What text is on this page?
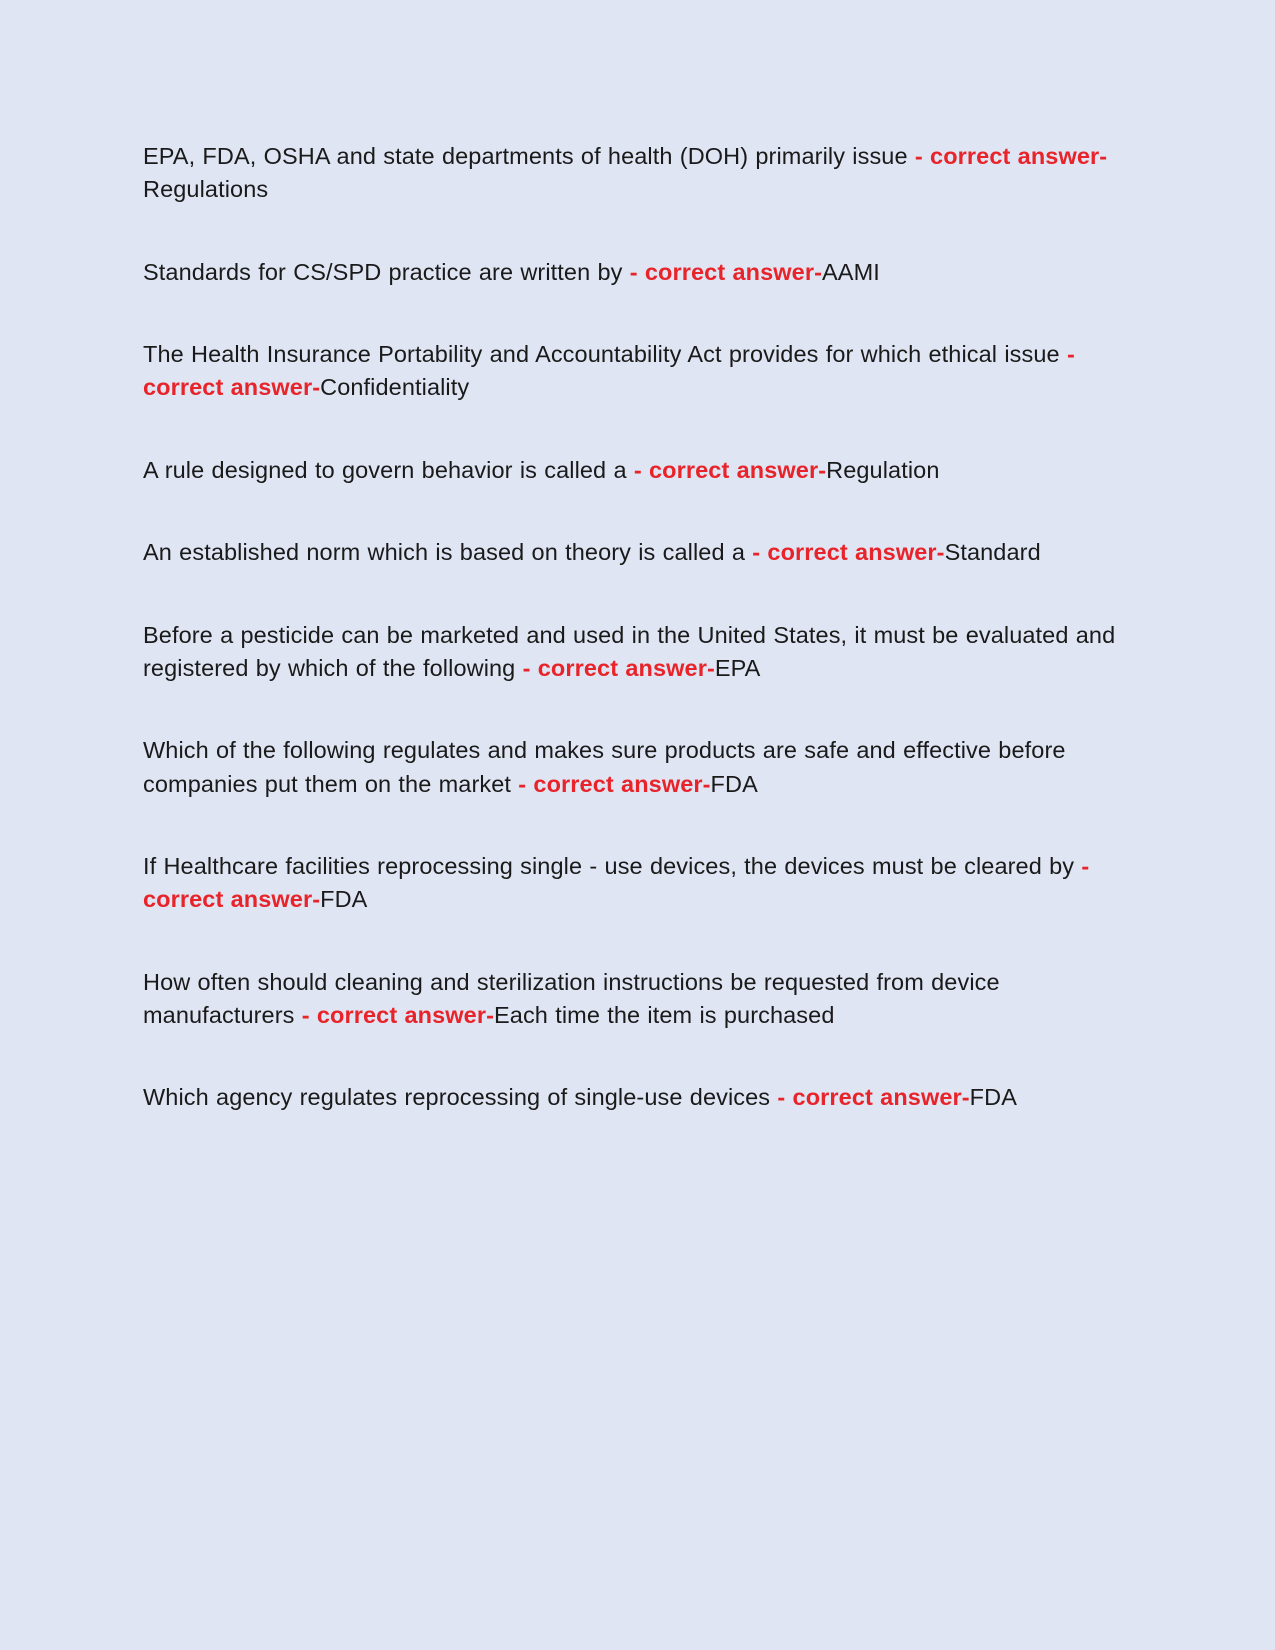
EPA, FDA, OSHA and state departments of health (DOH) primarily issue - correct answer-Regulations

Standards for CS/SPD practice are written by - correct answer-AAMI

The Health Insurance Portability and Accountability Act provides for which ethical issue - correct answer-Confidentiality

A rule designed to govern behavior is called a - correct answer-Regulation

An established norm which is based on theory is called a - correct answer-Standard

Before a pesticide can be marketed and used in the United States, it must be evaluated and registered by which of the following - correct answer-EPA

Which of the following regulates and makes sure products are safe and effective before companies put them on the market - correct answer-FDA

If Healthcare facilities reprocessing single - use devices, the devices must be cleared by - correct answer-FDA

How often should cleaning and sterilization instructions be requested from device manufacturers - correct answer-Each time the item is purchased

Which agency regulates reprocessing of single-use devices - correct answer-FDA
